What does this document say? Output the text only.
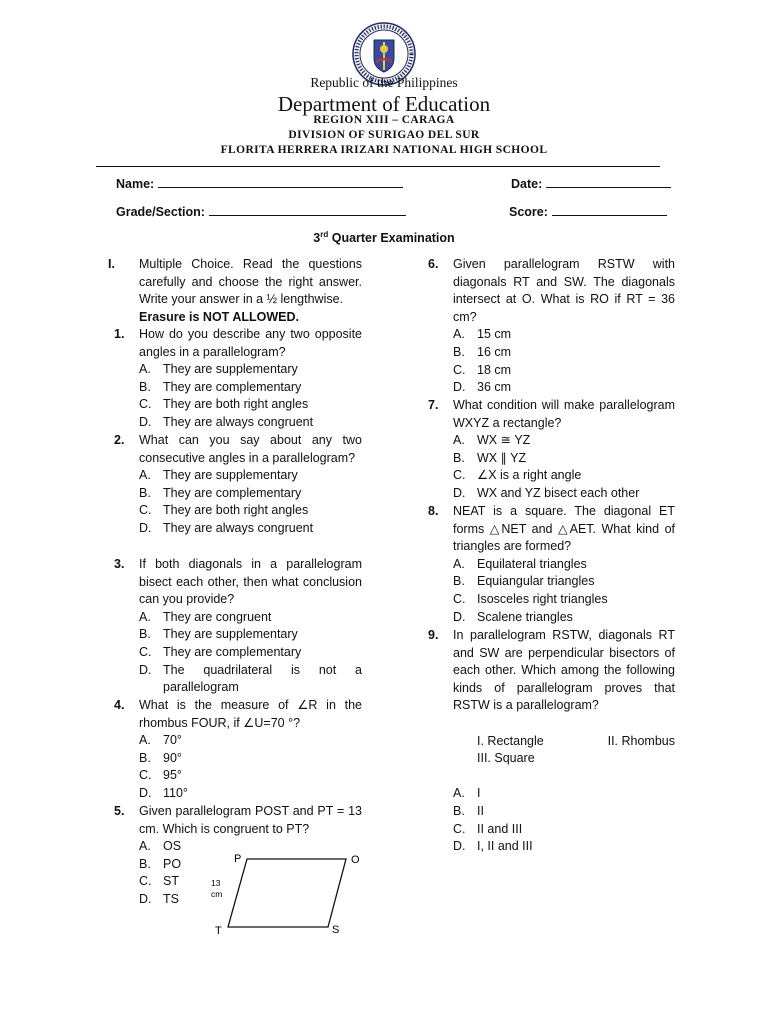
Republic of the Philippines
Department of Education
REGION XIII – CARAGA
DIVISION OF SURIGAO DEL SUR
FLORITA HERRERA IRIZARI NATIONAL HIGH SCHOOL
Name:	Date:
Grade/Section:	Score:
3rd Quarter Examination
I. Multiple Choice. Read the questions carefully and choose the right answer. Write your answer in a ½ lengthwise.
Erasure is NOT ALLOWED.
1. How do you describe any two opposite angles in a parallelogram?
A. They are supplementary
B. They are complementary
C. They are both right angles
D. They are always congruent
2. What can you say about any two consecutive angles in a parallelogram?
A. They are supplementary
B. They are complementary
C. They are both right angles
D. They are always congruent
3. If both diagonals in a parallelogram bisect each other, then what conclusion can you provide?
A. They are congruent
B. They are supplementary
C. They are complementary
D. The quadrilateral is not a parallelogram
4. What is the measure of ∠R in the rhombus FOUR, if ∠U=70 °?
A. 70°
B. 90°
C. 95°
D. 110°
5. Given parallelogram POST and PT = 13 cm. Which is congruent to PT?
A. OS
B. PO
C. ST
D. TS
P	O
S
T
13
cm
6. Given parallelogram RSTW with diagonals RT and SW. The diagonals intersect at O. What is RO if RT = 36 cm?
A. 15 cm
B. 16 cm
C. 18 cm
D. 36 cm
7. What condition will make parallelogram WXYZ a rectangle?
A. WX ≅ YZ
B. WX ∥ YZ
C. ∠X is a right angle
D. WX and YZ bisect each other
8. NEAT is a square. The diagonal ET forms △NET and △AET. What kind of triangles are formed?
A. Equilateral triangles
B. Equiangular triangles
C. Isosceles right triangles
D. Scalene triangles
9. In parallelogram RSTW, diagonals RT and SW are perpendicular bisectors of each other. Which among the following kinds of parallelogram proves that RSTW is a parallelogram?
I. Rectangle	II. Rhombus
III. Square
A. I
B. II
C. II and III
D. I, II and III
